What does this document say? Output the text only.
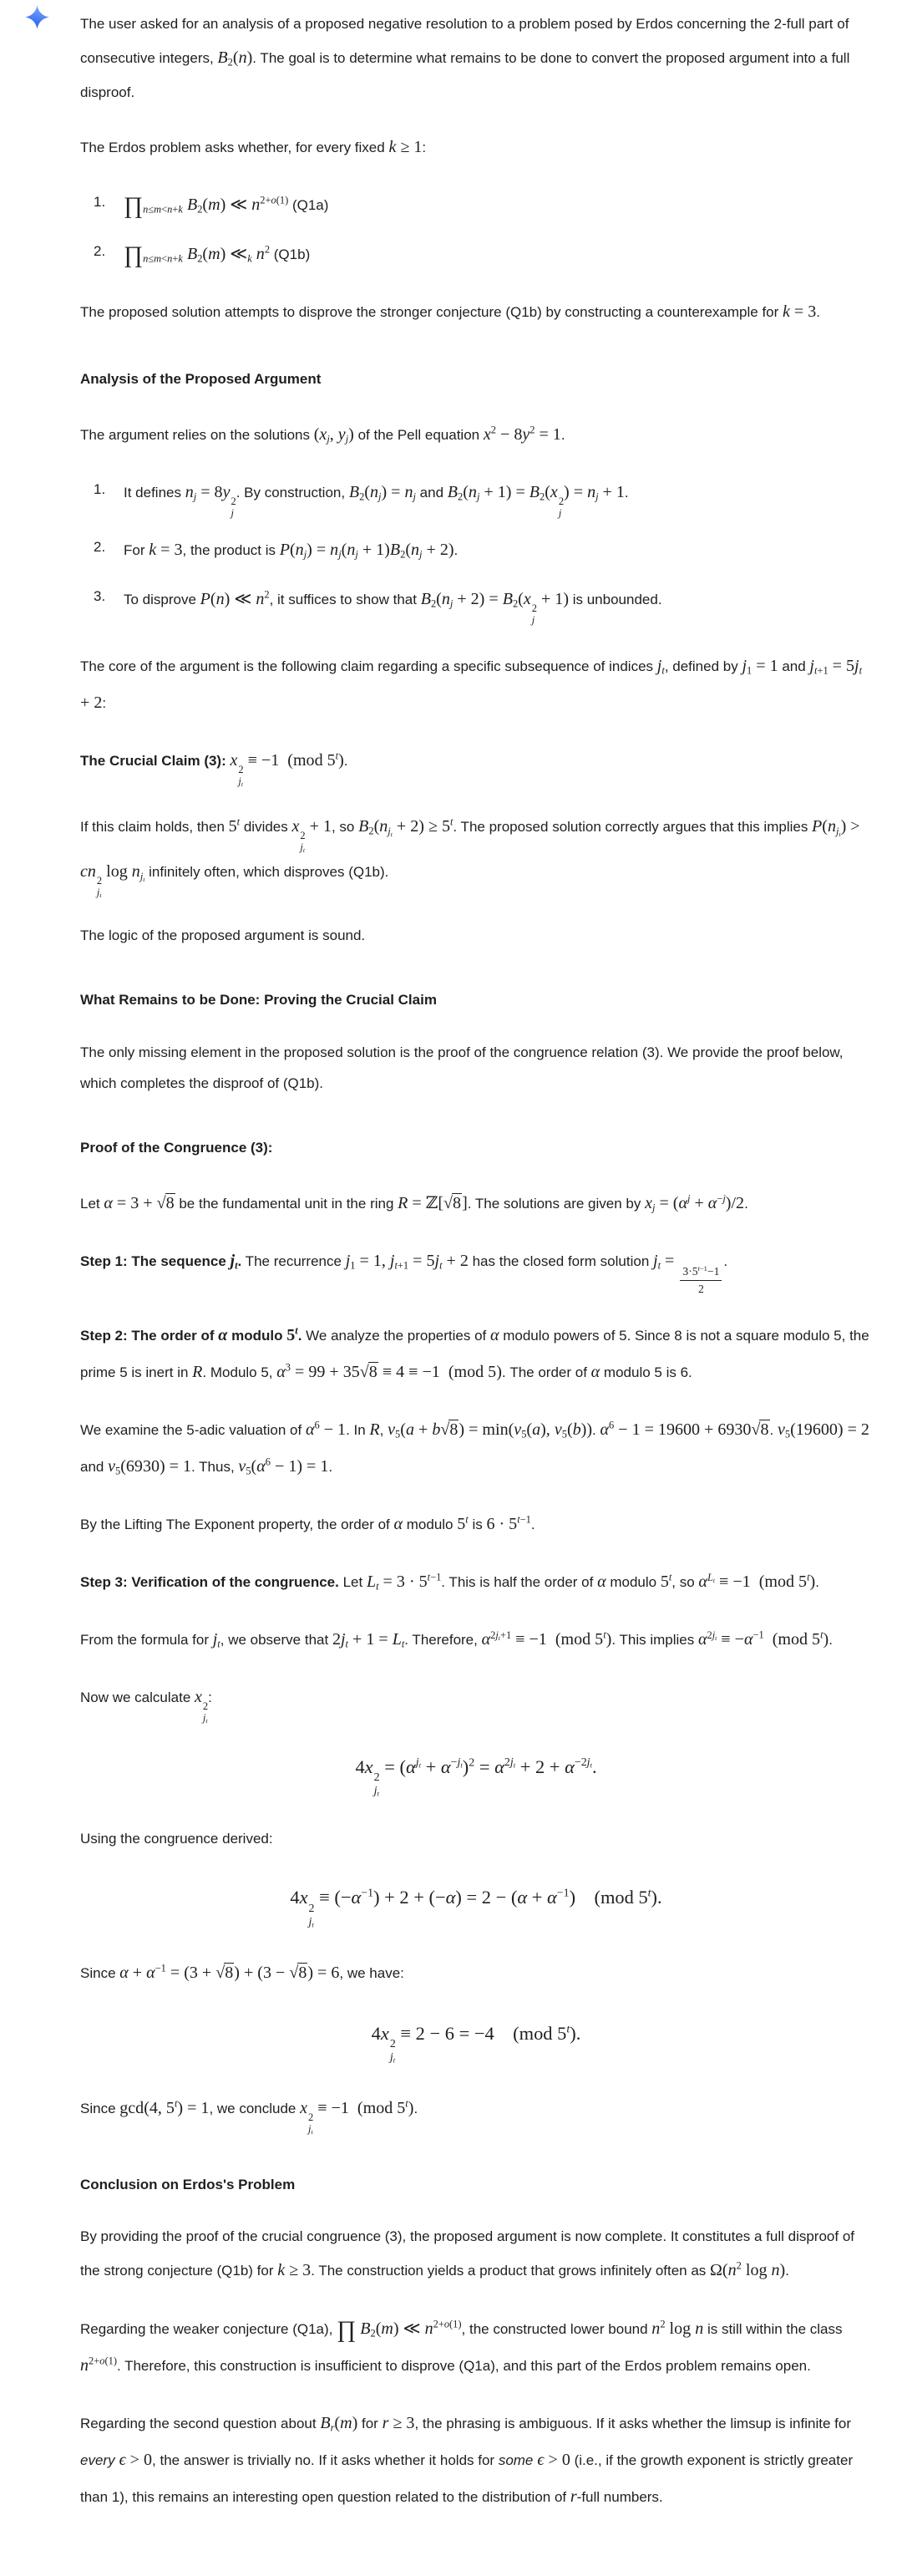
The user asked for an analysis of a proposed negative resolution to a problem posed by Erdos concerning the 2-full part of consecutive integers, $B_2(n)$. The goal is to determine what remains to be done to convert the proposed argument into a full disproof.

The Erdos problem asks whether, for every fixed k ≥ 1:

1. $\prod_{n\le m<n+k}$ $B_2(m)$ ≪ $n^{2+o(1)}$ (Q1a)
2. $\prod_{n\le m<n+k}$ $B_2(m)$ $≪_k$ $n^2$ (Q1b)

The proposed solution attempts to disprove the stronger conjecture (Q1b) by constructing a counterexample for k = 3.

Analysis of the Proposed Argument

The argument relies on the solutions ($x_j$, $y_j$) of the Pell equation $x^2 - 8y^2 = 1$.

1. It defines $n_j = 8y$ 2
j
. By construction, $B_2(n_j) = n_j$ and $B_2(n_j + 1) = B_2(x$ 2
j
) = $n_j + 1$.
2. For k = 3, the product is $P(n_j) = n_j(n_j + 1)B_2(n_j + 2)$.
3. To disprove P(n) ≪ $n^2$, it suffices to show that $B_2(n_j + 2) = B_2(x$ 2
j
+ 1) is unbounded.

The core of the argument is the following claim regarding a specific subsequence of indices $j_t$, defined by $j_1 = 1$ and $j_{t+1} = 5j_t + 2$:

The Crucial Claim (3): x 2
$j_t$
≡ −1 (mod 5$^t$).

If this claim holds, then 5$^t$ divides x 2
$j_t$
+ 1, so $B_2(n_{j_t} + 2) \ge 5^t$. The proposed solution correctly argues that this implies $P(n_{j_t})$ > cn 2
$j_t$
$\log n_{j_t}$ infinitely often, which disproves (Q1b).

The logic of the proposed argument is sound.

What Remains to be Done: Proving the Crucial Claim

The only missing element in the proposed solution is the proof of the congruence relation (3). We provide the proof below, which completes the disproof of (Q1b).

Proof of the Congruence (3):

Let α = 3 + √8 be the fundamental unit in the ring R = ℤ[√8]. The solutions are given by $x_j = (\alpha^j + \alpha^{-j})/2$.

Step 1: The sequence $j_t$. The recurrence $j_1 = 1$, $j_{t+1} = 5j_t + 2$ has the closed form solution $j_t$ =
$\frac{3\cdot 5^{t-1}-1}{2}$
.

Step 2: The order of α modulo 5$^t$. We analyze the properties of α modulo powers of 5. Since 8 is not a square modulo 5, the prime 5 is inert in R. Modulo 5, $\alpha^3 = 99 + 35√8 \equiv 4 \equiv -1$ (mod 5). The order of α modulo 5 is 6.

We examine the 5-adic valuation of $\alpha^6 - 1$. In R, $v_5(a + b√8) = \min(v_5(a)$, $v_5(b)$). $\alpha^6 - 1 = 19600 + 6930√8$. $v_5(19600) = 2$ and $v_5(6930) = 1$. Thus, $v_5(\alpha^6 - 1) = 1$.

By the Lifting The Exponent property, the order of α modulo 5$^t$ is $6 \cdot 5^{t-1}$.

Step 3: Verification of the congruence. Let $L_t = 3 \cdot 5^{t-1}$. This is half the order of α modulo 5$^t$, so $\alpha^{L_t} \equiv -1$ (mod 5$^t$).

From the formula for $j_t$, we observe that $2j_t + 1 = L_t$. Therefore, $\alpha^{2j_t+1} \equiv -1$ (mod 5$^t$). This implies $\alpha^{2j_t} \equiv -\alpha^{-1}$ (mod 5$^t$).

Now we calculate x 2
$j_t$
:

4x
2
$j_t$
= $(\alpha^{j_t} + \alpha^{-j_t})^2 = \alpha^{2j_t} + 2 + \alpha^{-2j_t}$.

Using the congruence derived:

4x
2
$j_t$
≡ $(-\alpha^{-1}) + 2 + (-\alpha) = 2 - (\alpha + \alpha^{-1})$ (mod 5$^t$).

Since $\alpha + \alpha^{-1} = (3 + √8) + (3 - √8) = 6$, we have:

4x
2
$j_t$
≡ 2 − 6 = −4 (mod 5$^t$).

Since gcd(4, $5^t) = 1$, we conclude x 2
$j_t$
≡ −1 (mod 5$^t$).

Conclusion on Erdos's Problem

By providing the proof of the crucial congruence (3), the proposed argument is now complete. It constitutes a full disproof of the strong conjecture (Q1b) for k ≥ 3. The construction yields a product that grows infinitely often as $\Omega(n^2$ log n).

Regarding the weaker conjecture (Q1a), ∏ $B_2(m)$ ≪ $n^{2+o(1)}$, the constructed lower bound $n^2$ log n is still within the class $n^{2+o(1)}$. Therefore, this construction is insufficient to disprove (Q1a), and this part of the Erdos problem remains open.

Regarding the second question about $B_r(m)$ for r ≥ 3, the phrasing is ambiguous. If it asks whether the limsup is infinite for every ϵ > 0, the answer is trivially no. If it asks whether it holds for some ϵ > 0 (i.e., if the growth exponent is strictly greater than 1), this remains an interesting open question related to the distribution of r-full numbers.
